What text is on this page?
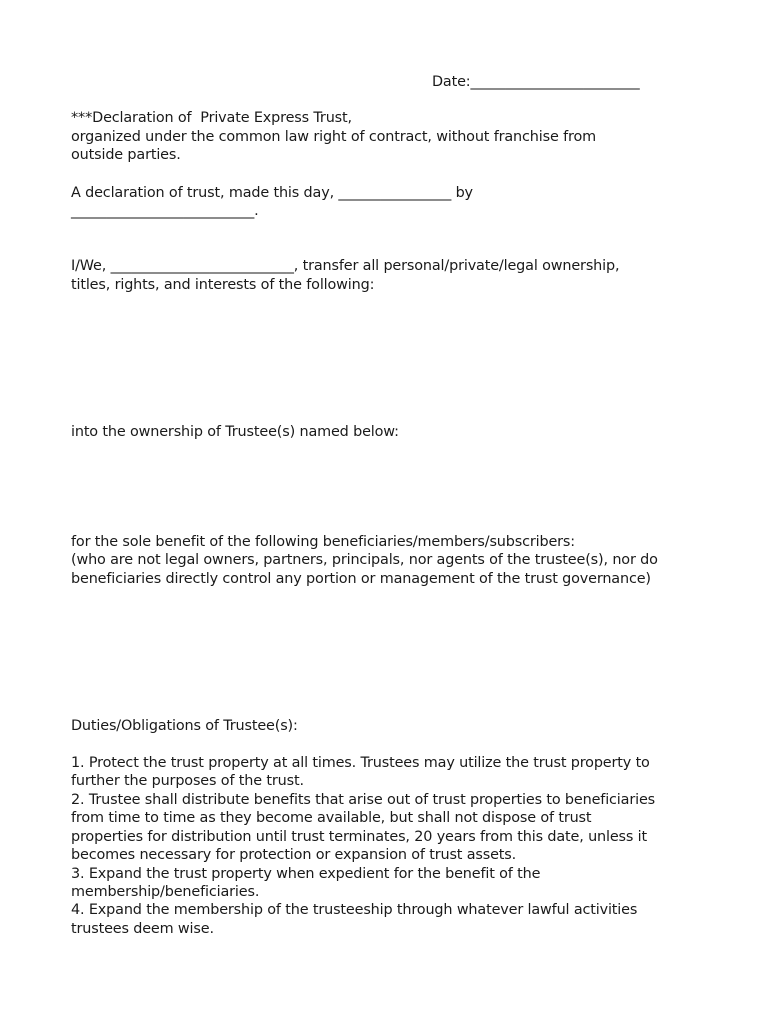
Date:________________________
***Declaration of  Private Express Trust,
organized under the common law right of contract, without franchise from
outside parties.
A declaration of trust, made this day, ________________ by
__________________________.
I/We, __________________________, transfer all personal/private/legal ownership,
titles, rights, and interests of the following:
into the ownership of Trustee(s) named below:
for the sole benefit of the following beneficiaries/members/subscribers:
(who are not legal owners, partners, principals, nor agents of the trustee(s), nor do
beneficiaries directly control any portion or management of the trust governance)
Duties/Obligations of Trustee(s):
1. Protect the trust property at all times. Trustees may utilize the trust property to
further the purposes of the trust.
2. Trustee shall distribute benefits that arise out of trust properties to beneficiaries
from time to time as they become available, but shall not dispose of trust
properties for distribution until trust terminates, 20 years from this date, unless it
becomes necessary for protection or expansion of trust assets.
3. Expand the trust property when expedient for the benefit of the
membership/beneficiaries.
4. Expand the membership of the trusteeship through whatever lawful activities
trustees deem wise.
